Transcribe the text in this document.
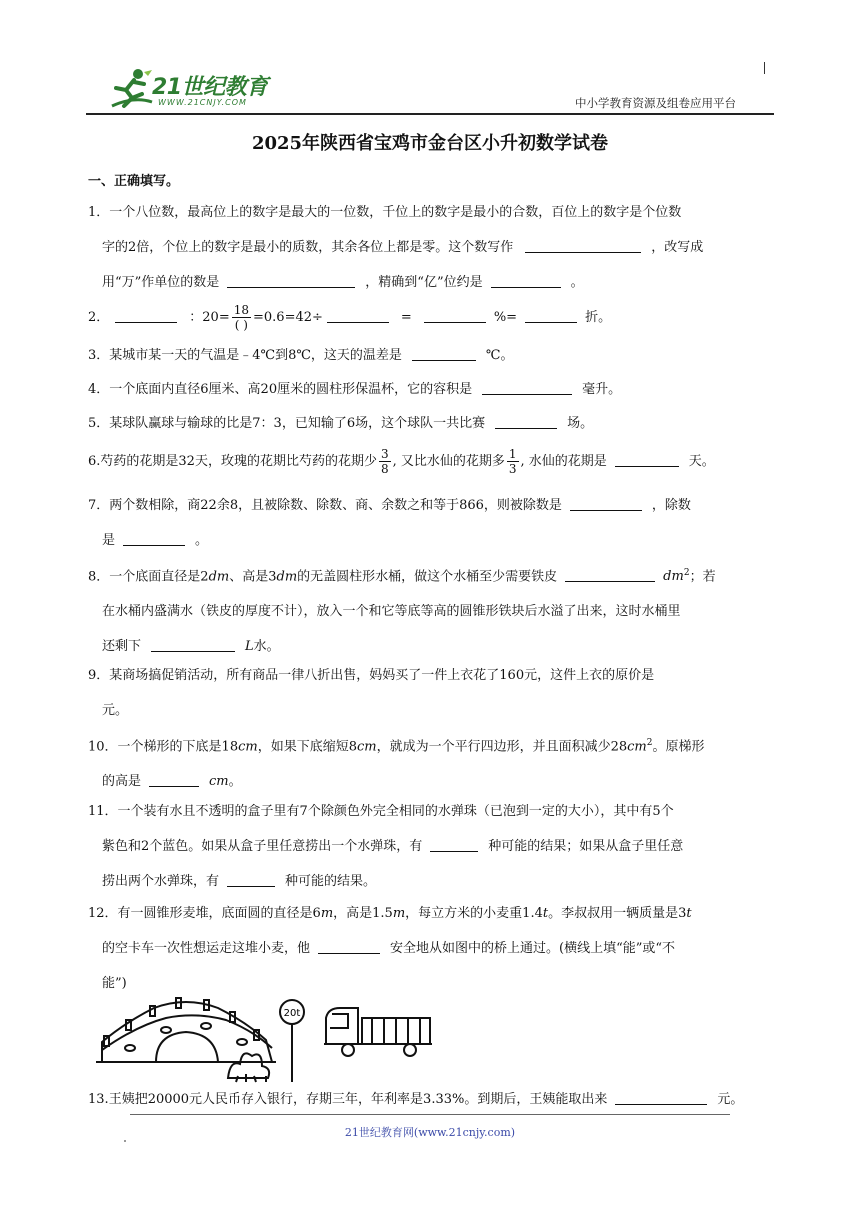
21世纪教育
WWW.21CNJY.COM	中小学教育资源及组卷应用平台
2025年陕西省宝鸡市金台区小升初数学试卷
一、正确填写。
1．一个八位数，最高位上的数字是最大的一位数，千位上的数字是最小的合数，百位上的数字是个位数
字的2倍，个位上的数字是最小的质数，其余各位上都是零。这个数写作	，改写成
用“万”作单位的数是	，精确到“亿”位约是	。
2．	：$20= \frac{18}{( )} =0.6=42\div$	=	%=	折。
3．某城市某一天的气温是﹣4℃到8℃，这天的温差是	℃。
4．一个底面内直径6厘米、高20厘米的圆柱形保温杯，它的容积是	毫升。
5．某球队赢球与输球的比是7：3，已知输了6场，这个球队一共比赛	场。
6.芍药的花期是32天，玫瑰的花期比芍药的花期少 $\frac{3}{8}$ , 又比水仙的花期多 $\frac{1}{3}$ , 水仙的花期是	天。
7．两个数相除，商22余8，且被除数、除数、商、余数之和等于866，则被除数是	，除数
是	。
8．一个底面直径是2dm、高是3dm的无盖圆柱形水桶，做这个水桶至少需要铁皮	$dm^2$；若
在水桶内盛满水（铁皮的厚度不计），放入一个和它等底等高的圆锥形铁块后水溢了出来，这时水桶里
还剩下	L水。
9．某商场搞促销活动，所有商品一律八折出售，妈妈买了一件上衣花了160元，这件上衣的原价是
元。
10．一个梯形的下底是18cm，如果下底缩短8cm，就成为一个平行四边形，并且面积减少$28cm^2$。原梯形
的高是	cm。
11．一个装有水且不透明的盒子里有7个除颜色外完全相同的水弹珠（已泡到一定的大小），其中有5个
紫色和2个蓝色。如果从盒子里任意捞出一个水弹珠，有	种可能的结果；如果从盒子里任意
捞出两个水弹珠，有	种可能的结果。
12．有一圆锥形麦堆，底面圆的直径是6m，高是1.5m，每立方米的小麦重1.4t。李叔叔用一辆质量是3t
的空卡车一次性想运走这堆小麦，他	安全地从如图中的桥上通过。(横线上填“能”或“不
能”)
20t
13.王姨把20000元人民币存入银行，存期三年，年利率是3.33%。到期后，王姨能取出来	元。
21世纪教育网(www.21cnjy.com)
